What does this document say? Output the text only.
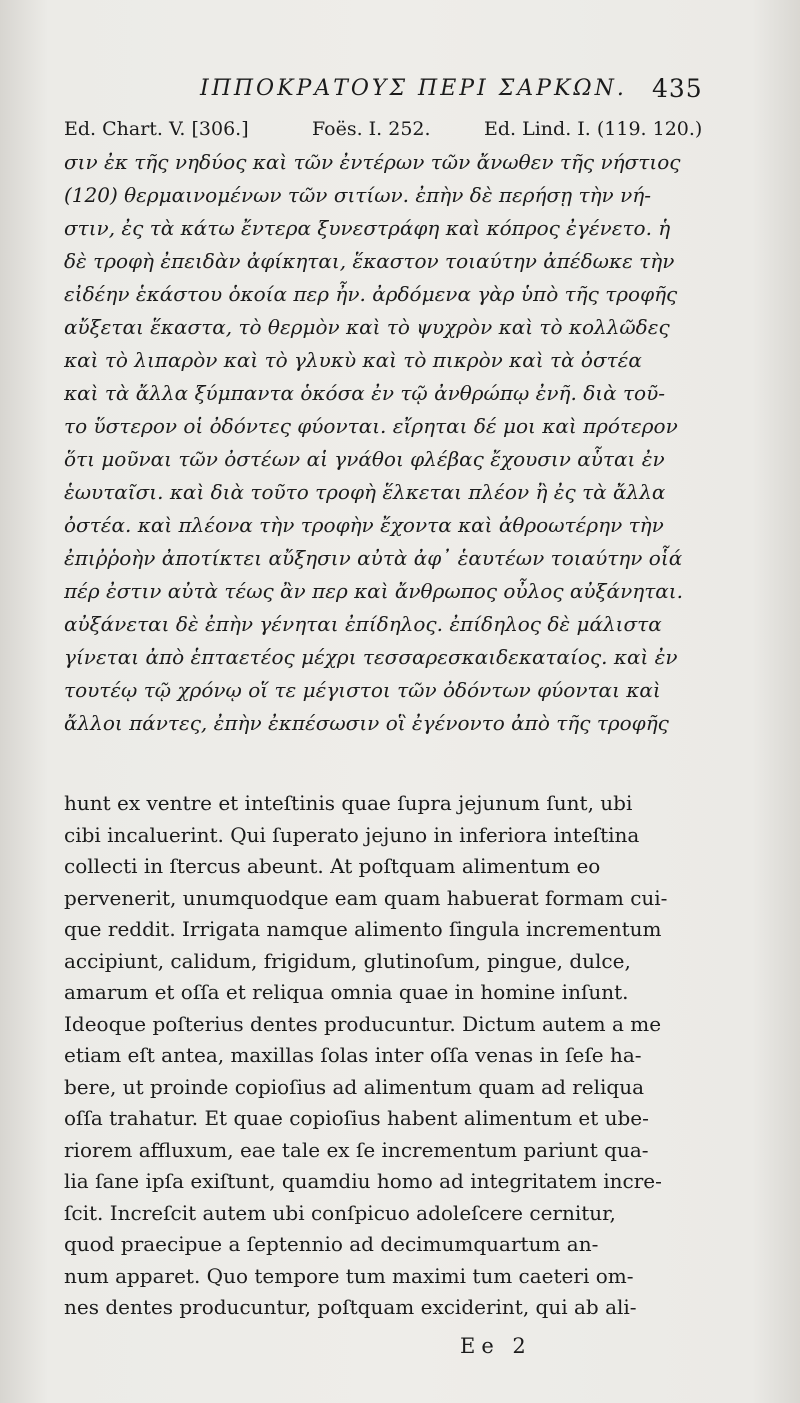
ΙΠΠΟΚΡΑΤΟΥΣ ΠΕΡΙ ΣΑΡΚΩΝ. 435
Ed. Chart. V. [306.]	Foës. I. 252.	Ed. Lind. I. (119. 120.)
σιν ἐκ τῆς νηδύος καὶ τῶν ἐντέρων τῶν ἄνωθεν τῆς νήστιος
(120) θερμαινομένων τῶν σιτίων. ἐπὴν δὲ περήσῃ τὴν νή-
στιν, ἐς τὰ κάτω ἔντερα ξυνεστράφη καὶ κόπρος ἐγένετο. ἡ
δὲ τροφὴ ἐπειδὰν ἀφίκηται, ἕκαστον τοιαύτην ἀπέδωκε τὴν
εἰδέην ἑκάστου ὁκοία περ ἦν. ἀρδόμενα γὰρ ὑπὸ τῆς τροφῆς
αὔξεται ἕκαστα, τὸ θερμὸν καὶ τὸ ψυχρὸν καὶ τὸ κολλῶδες
καὶ τὸ λιπαρὸν καὶ τὸ γλυκὺ καὶ τὸ πικρὸν καὶ τὰ ὀστέα
καὶ τὰ ἄλλα ξύμπαντα ὁκόσα ἐν τῷ ἀνθρώπῳ ἐνῆ. διὰ τοῦ-
το ὕστερον οἱ ὀδόντες φύονται. εἴρηται δέ μοι καὶ πρότερον
ὅτι μοῦναι τῶν ὀστέων αἱ γνάθοι φλέβας ἔχουσιν αὗται ἐν
ἑωυταῖσι. καὶ διὰ τοῦτο τροφὴ ἕλκεται πλέον ἢ ἐς τὰ ἄλλα
ὀστέα. καὶ πλέονα τὴν τροφὴν ἔχοντα καὶ ἀθροωτέρην τὴν
ἐπιῤῥοὴν ἀποτίκτει αὔξησιν αὐτὰ ἀφ᾽ ἑαυτέων τοιαύτην οἷά
πέρ ἐστιν αὐτὰ τέως ἂν περ καὶ ἄνθρωπος οὖλος αὐξάνηται.
αὐξάνεται δὲ ἐπὴν γένηται ἐπίδηλος. ἐπίδηλος δὲ μάλιστα
γίνεται ἀπὸ ἑπταετέος μέχρι τεσσαρεσκαιδεκαταίος. καὶ ἐν
τουτέῳ τῷ χρόνῳ οἵ τε μέγιστοι τῶν ὀδόντων φύονται καὶ
ἄλλοι πάντες, ἐπὴν ἐκπέσωσιν οἳ ἐγένοντο ἀπὸ τῆς τροφῆς
hunt ex ventre et inteſtinis quae ſupra jejunum ſunt, ubi
cibi incaluerint. Qui ſuperato jejuno in inferiora inteſtina
collecti in ſtercus abeunt. At poſtquam alimentum eo
pervenerit, unumquodque eam quam habuerat formam cui-
que reddit. Irrigata namque alimento ſingula incrementum
accipiunt, calidum, frigidum, glutinoſum, pingue, dulce,
amarum et oſſa et reliqua omnia quae in homine inſunt.
Ideoque poſterius dentes producuntur. Dictum autem a me
etiam eſt antea, maxillas ſolas inter oſſa venas in ſeſe ha-
bere, ut proinde copioſius ad alimentum quam ad reliqua
oſſa trahatur. Et quae copioſius habent alimentum et ube-
riorem affluxum, eae tale ex ſe incrementum pariunt qua-
lia ſane ipſa exiſtunt, quamdiu homo ad integritatem incre-
ſcit. Increſcit autem ubi conſpicuo adoleſcere cernitur,
quod praecipue a ſeptennio ad decimumquartum an-
num apparet. Quo tempore tum maximi tum caeteri om-
nes dentes producuntur, poſtquam exciderint, qui ab ali-
Ee 2
